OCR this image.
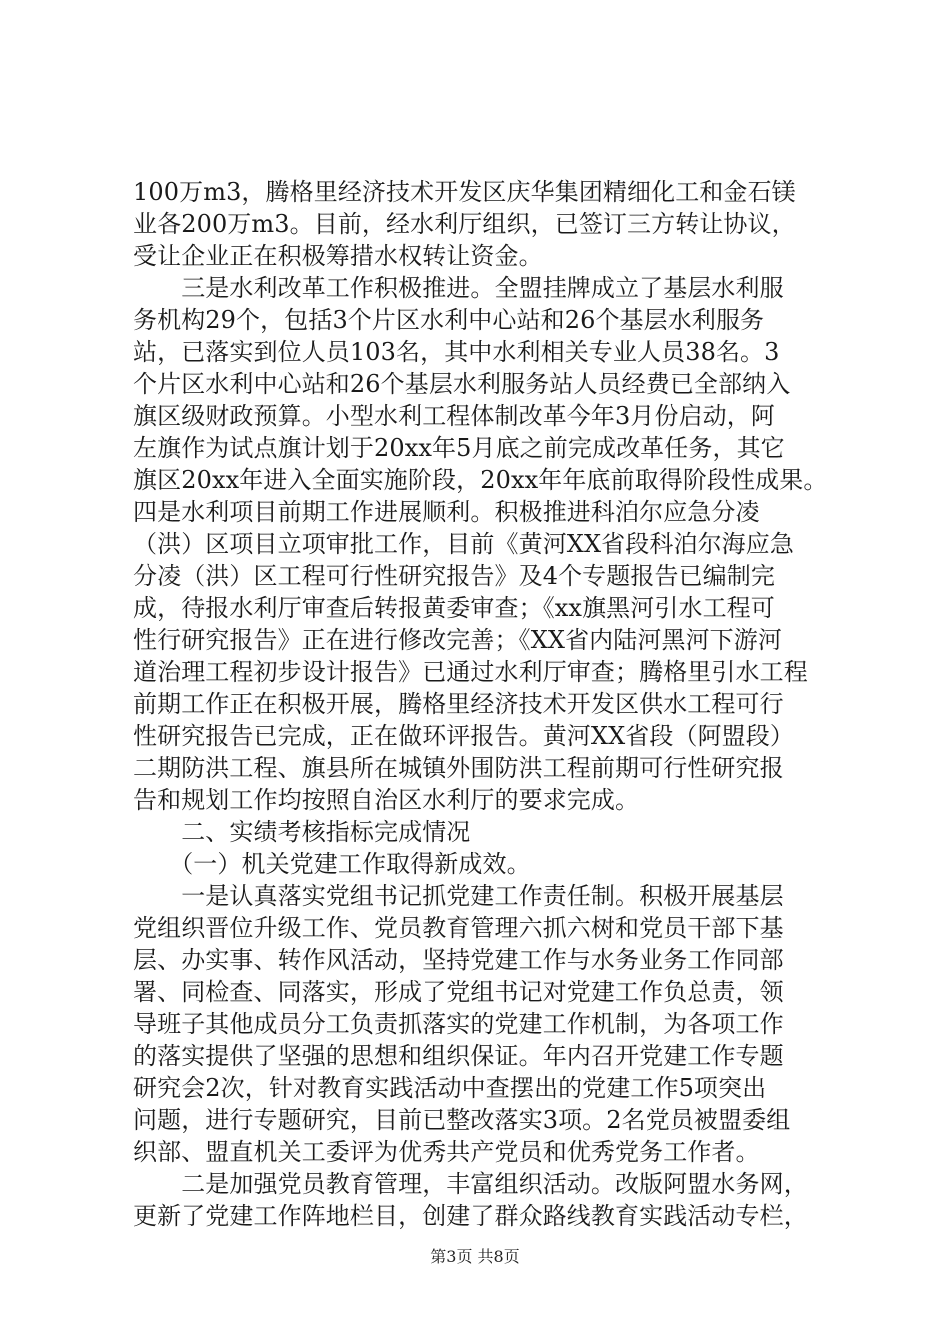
100万m3，腾格里经济技术开发区庆华集团精细化工和金石镁
业各200万m3。目前，经水利厅组织，已签订三方转让协议，
受让企业正在积极筹措水权转让资金。
　　三是水利改革工作积极推进。全盟挂牌成立了基层水利服
务机构29个，包括3个片区水利中心站和26个基层水利服务
站，已落实到位人员103名，其中水利相关专业人员38名。3
个片区水利中心站和26个基层水利服务站人员经费已全部纳入
旗区级财政预算。小型水利工程体制改革今年3月份启动，阿
左旗作为试点旗计划于20xx年5月底之前完成改革任务，其它
旗区20xx年进入全面实施阶段，20xx年年底前取得阶段性成果。
四是水利项目前期工作进展顺利。积极推进科泊尔应急分凌
（洪）区项目立项审批工作，目前《黄河XX省段科泊尔海应急
分凌（洪）区工程可行性研究报告》及4个专题报告已编制完
成，待报水利厅审查后转报黄委审查；《xx旗黑河引水工程可
性行研究报告》正在进行修改完善；《XX省内陆河黑河下游河
道治理工程初步设计报告》已通过水利厅审查；腾格里引水工程
前期工作正在积极开展，腾格里经济技术开发区供水工程可行
性研究报告已完成，正在做环评报告。黄河XX省段（阿盟段）
二期防洪工程、旗县所在城镇外围防洪工程前期可行性研究报
告和规划工作均按照自治区水利厅的要求完成。
　　二、实绩考核指标完成情况
　　（一）机关党建工作取得新成效。
　　一是认真落实党组书记抓党建工作责任制。积极开展基层
党组织晋位升级工作、党员教育管理六抓六树和党员干部下基
层、办实事、转作风活动，坚持党建工作与水务业务工作同部
署、同检查、同落实，形成了党组书记对党建工作负总责，领
导班子其他成员分工负责抓落实的党建工作机制，为各项工作
的落实提供了坚强的思想和组织保证。年内召开党建工作专题
研究会2次，针对教育实践活动中查摆出的党建工作5项突出
问题，进行专题研究，目前已整改落实3项。2名党员被盟委组
织部、盟直机关工委评为优秀共产党员和优秀党务工作者。
　　二是加强党员教育管理，丰富组织活动。改版阿盟水务网，
更新了党建工作阵地栏目，创建了群众路线教育实践活动专栏，
第3页 共8页
